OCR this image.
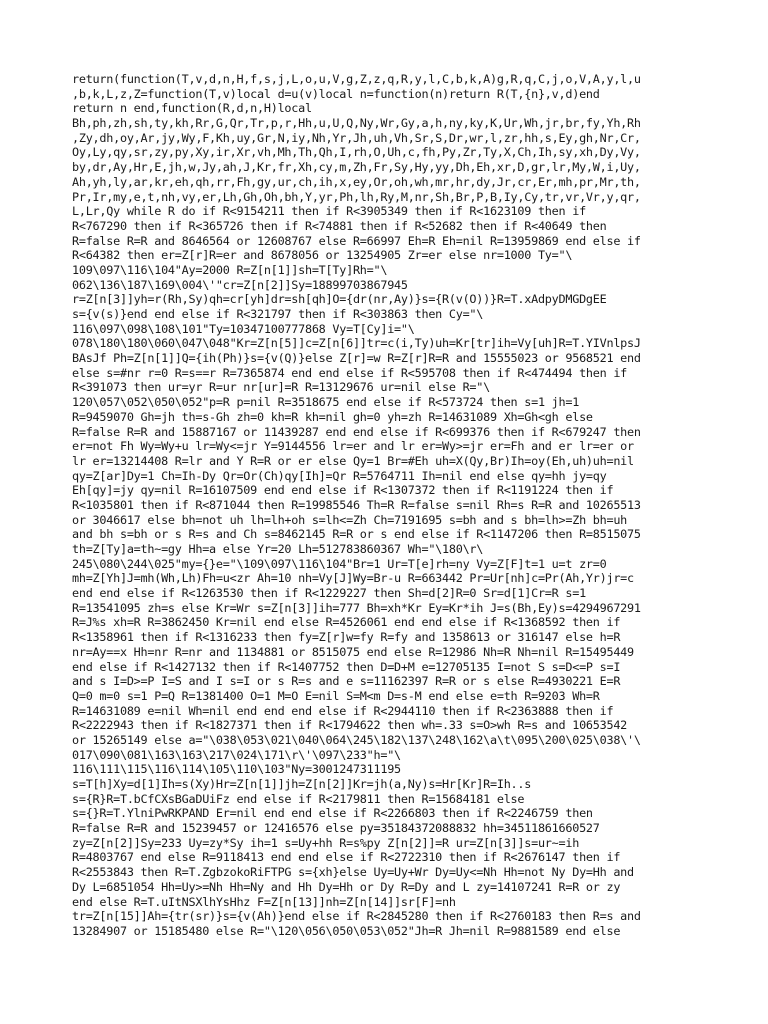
return(function(T,v,d,n,H,f,s,j,L,o,u,V,g,Z,z,q,R,y,l,C,b,k,A)g,R,q,C,j,o,V,A,y,l,u
,b,k,L,z,Z=function(T,v)local d=u(v)local n=function(n)return R(T,{n},v,d)end
return n end,function(R,d,n,H)local
Bh,ph,zh,sh,ty,kh,Rr,G,Qr,Tr,p,r,Hh,u,U,Q,Ny,Wr,Gy,a,h,ny,ky,K,Ur,Wh,jr,br,fy,Yh,Rh
,Zy,dh,oy,Ar,jy,Wy,F,Kh,uy,Gr,N,iy,Nh,Yr,Jh,uh,Vh,Sr,S,Dr,wr,l,zr,hh,s,Ey,gh,Nr,Cr,
Oy,Ly,qy,sr,zy,py,Xy,ir,Xr,vh,Mh,Th,Qh,I,rh,O,Uh,c,fh,Py,Zr,Ty,X,Ch,Ih,sy,xh,Dy,Vy,
by,dr,Ay,Hr,E,jh,w,Jy,ah,J,Kr,fr,Xh,cy,m,Zh,Fr,Sy,Hy,yy,Dh,Eh,xr,D,gr,lr,My,W,i,Uy,
Ah,yh,ly,ar,kr,eh,qh,rr,Fh,gy,ur,ch,ih,x,ey,Or,oh,wh,mr,hr,dy,Jr,cr,Er,mh,pr,Mr,th,
Pr,Ir,my,e,t,nh,vy,er,Lh,Gh,Oh,bh,Y,yr,Ph,lh,Ry,M,nr,Sh,Br,P,B,Iy,Cy,tr,vr,Vr,y,qr,
L,Lr,Qy while R do if R<9154211 then if R<3905349 then if R<1623109 then if
R<767290 then if R<365726 then if R<74881 then if R<52682 then if R<40649 then
R=false R=R and 8646564 or 12608767 else R=66997 Eh=R Eh=nil R=13959869 end else if
R<64382 then er=Z[r]R=er and 8678056 or 13254905 Zr=er else nr=1000 Ty="\
109\097\116\104"Ay=2000 R=Z[n[1]]sh=T[Ty]Rh="\
062\136\187\169\004\'"cr=Z[n[2]]Sy=18899703867945
r=Z[n[3]]yh=r(Rh,Sy)qh=cr[yh]dr=sh[qh]O={dr(nr,Ay)}s={R(v(O))}R=T.xAdpyDMGDgEE
s={v(s)}end end else if R<321797 then if R<303863 then Cy="\
116\097\098\108\101"Ty=10347100777868 Vy=T[Cy]i="\
078\180\180\060\047\048"Kr=Z[n[5]]c=Z[n[6]]tr=c(i,Ty)uh=Kr[tr]ih=Vy[uh]R=T.YIVnlpsJ
BAsJf Ph=Z[n[1]]Q={ih(Ph)}s={v(Q)}else Z[r]=w R=Z[r]R=R and 15555023 or 9568521 end
else s=#nr r=0 R=s==r R=7365874 end end else if R<595708 then if R<474494 then if
R<391073 then ur=yr R=ur nr[ur]=R R=13129676 ur=nil else R="\
120\057\052\050\052"p=R p=nil R=3518675 end else if R<573724 then s=1 jh=1
R=9459070 Gh=jh th=s-Gh zh=0 kh=R kh=nil gh=0 yh=zh R=14631089 Xh=Gh<gh else
R=false R=R and 15887167 or 11439287 end end else if R<699376 then if R<679247 then
er=not Fh Wy=Wy+u lr=Wy<=jr Y=9144556 lr=er and lr er=Wy>=jr er=Fh and er lr=er or
lr er=13214408 R=lr and Y R=R or er else Qy=1 Br=#Eh uh=X(Qy,Br)Ih=oy(Eh,uh)uh=nil
qy=Z[ar]Dy=1 Ch=Ih-Dy Qr=Or(Ch)qy[Ih]=Qr R=5764711 Ih=nil end else qy=hh jy=qy
Eh[qy]=jy qy=nil R=16107509 end end else if R<1307372 then if R<1191224 then if
R<1035801 then if R<871044 then R=19985546 Th=R R=false s=nil Rh=s R=R and 10265513
or 3046617 else bh=not uh lh=lh+oh s=lh<=Zh Ch=7191695 s=bh and s bh=lh>=Zh bh=uh
and bh s=bh or s R=s and Ch s=8462145 R=R or s end else if R<1147206 then R=8515075
th=Z[Ty]a=th~=gy Hh=a else Yr=20 Lh=512783860367 Wh="\180\r\
245\080\244\025"my={}e="\109\097\116\104"Br=1 Ur=T[e]rh=ny Vy=Z[F]t=1 u=t zr=0
mh=Z[Yh]J=mh(Wh,Lh)Fh=u<zr Ah=10 nh=Vy[J]Wy=Br-u R=663442 Pr=Ur[nh]c=Pr(Ah,Yr)jr=c
end end else if R<1263530 then if R<1229227 then Sh=d[2]R=0 Sr=d[1]Cr=R s=1
R=13541095 zh=s else Kr=Wr s=Z[n[3]]ih=777 Bh=xh*Kr Ey=Kr*ih J=s(Bh,Ey)s=4294967291
R=J%s xh=R R=3862450 Kr=nil end else R=4526061 end end else if R<1368592 then if
R<1358961 then if R<1316233 then fy=Z[r]w=fy R=fy and 1358613 or 316147 else h=R
nr=Ay==x Hh=nr R=nr and 1134881 or 8515075 end else R=12986 Nh=R Nh=nil R=15495449
end else if R<1427132 then if R<1407752 then D=D+M e=12705135 I=not S s=D<=P s=I
and s I=D>=P I=S and I s=I or s R=s and e s=11162397 R=R or s else R=4930221 E=R
Q=0 m=0 s=1 P=Q R=1381400 O=1 M=O E=nil S=M<m D=s-M end else e=th R=9203 Wh=R
R=14631089 e=nil Wh=nil end end end else if R<2944110 then if R<2363888 then if
R<2222943 then if R<1827371 then if R<1794622 then wh=.33 s=O>wh R=s and 10653542
or 15265149 else a="\038\053\021\040\064\245\182\137\248\162\a\t\095\200\025\038\'\
017\090\081\163\163\217\024\171\r\'\097\233"h="\
116\111\115\116\114\105\110\103"Ny=3001247311195
s=T[h]Xy=d[1]Ih=s(Xy)Hr=Z[n[1]]jh=Z[n[2]]Kr=jh(a,Ny)s=Hr[Kr]R=Ih..s
s={R}R=T.bCfCXsBGaDUiFz end else if R<2179811 then R=15684181 else
s={}R=T.YlniPwRKPAND Er=nil end end else if R<2266803 then if R<2246759 then
R=false R=R and 15239457 or 12416576 else py=35184372088832 hh=34511861660527
zy=Z[n[2]]Sy=233 Uy=zy*Sy ih=1 s=Uy+hh R=s%py Z[n[2]]=R ur=Z[n[3]]s=ur~=ih
R=4803767 end else R=9118413 end end else if R<2722310 then if R<2676147 then if
R<2553843 then R=T.ZgbzokoRiFTPG s={xh}else Uy=Uy+Wr Dy=Uy<=Nh Hh=not Ny Dy=Hh and
Dy L=6851054 Hh=Uy>=Nh Hh=Ny and Hh Dy=Hh or Dy R=Dy and L zy=14107241 R=R or zy
end else R=T.uItNSXlhYsHhz F=Z[n[13]]nh=Z[n[14]]sr[F]=nh
tr=Z[n[15]]Ah={tr(sr)}s={v(Ah)}end else if R<2845280 then if R<2760183 then R=s and
13284907 or 15185480 else R="\120\056\050\053\052"Jh=R Jh=nil R=9881589 end else
